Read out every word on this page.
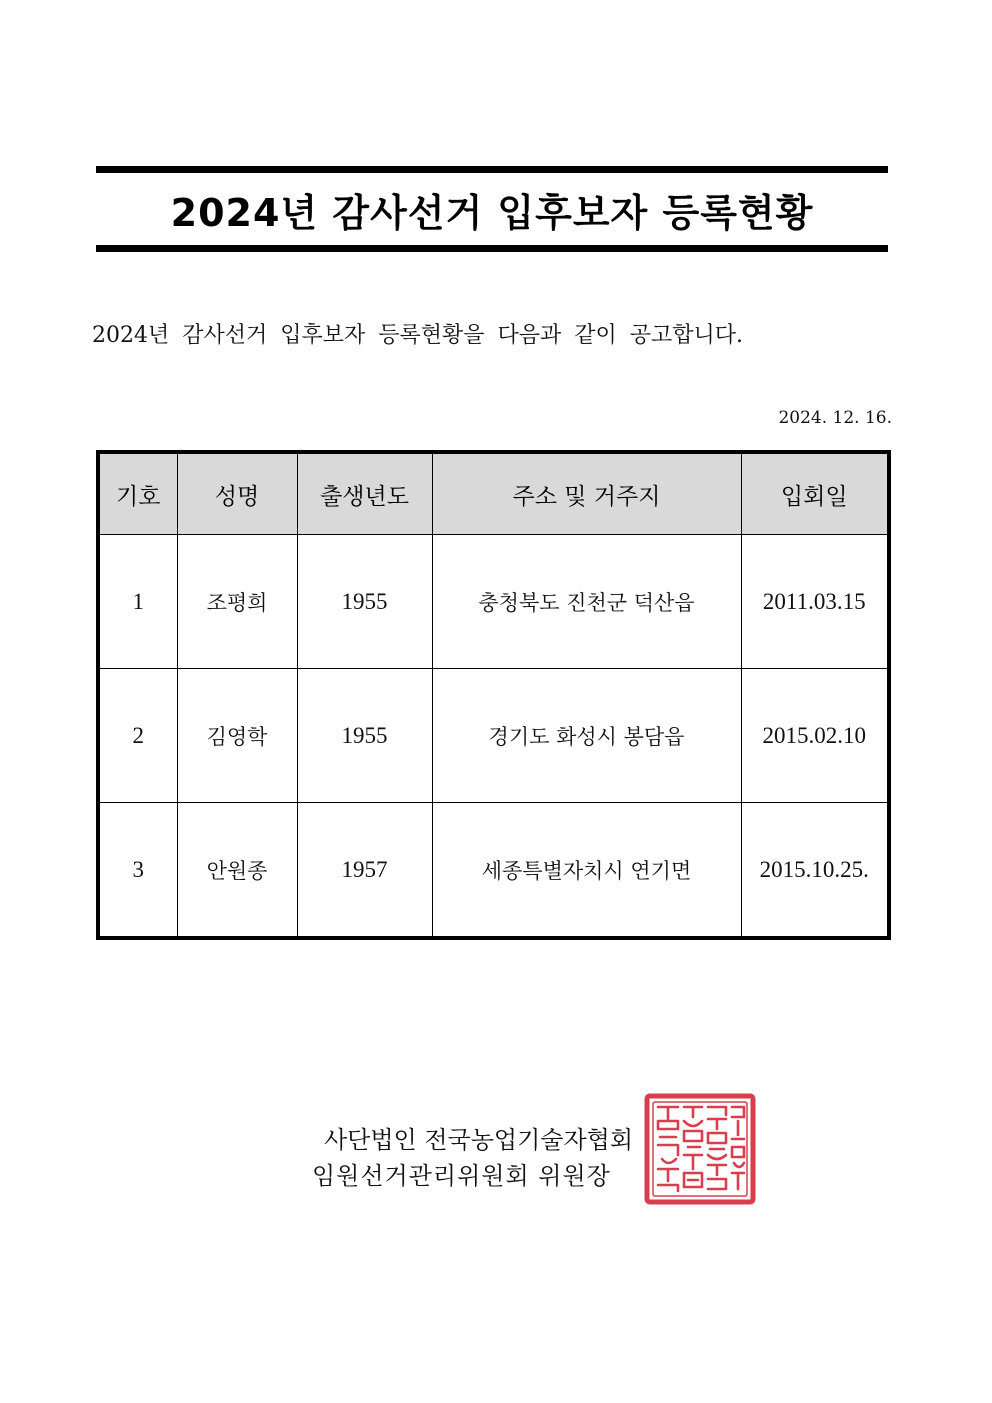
2024년 감사선거 입후보자 등록현황
2024년 감사선거 입후보자 등록현황을 다음과 같이 공고합니다.
2024. 12. 16.
기호	성명	출생년도	주소 및 거주지	입회일
1	조평희	1955	충청북도 진천군 덕산읍	2011.03.15
2	김영학	1955	경기도 화성시 봉담읍	2015.02.10
3	안원종	1957	세종특별자치시 연기면	2015.10.25.
사단법인 전국농업기술자협회
임원선거관리위원회 위원장
